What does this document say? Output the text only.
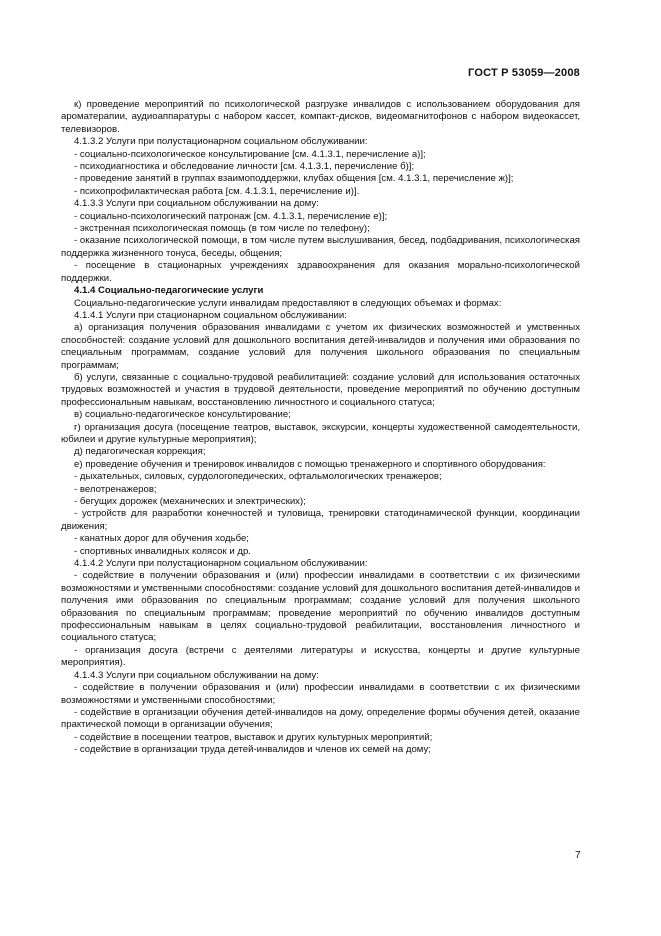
ГОСТ Р 53059—2008

к) проведение мероприятий по психологической разгрузке инвалидов с использованием оборудования для ароматерапии, аудиоаппаратуры с набором кассет, компакт-дисков, видеомагнитофонов с набором видеокассет, телевизоров.

4.1.3.2 Услуги при полустационарном социальном обслуживании:

- социально-психологическое консультирование [см. 4.1.3.1, перечисление а)];

- психодиагностика и обследование личности [см. 4.1.3.1, перечисление б)];

- проведение занятий в группах взаимоподдержки, клубах общения [см. 4.1.3.1, перечисление ж)];

- психопрофилактическая работа [см. 4.1.3.1, перечисление и)].

4.1.3.3 Услуги при социальном обслуживании на дому:

- социально-психологический патронаж [см. 4.1.3.1, перечисление е)];

- экстренная психологическая помощь (в том числе по телефону);

- оказание психологической помощи, в том числе путем выслушивания, бесед, подбадривания, психологическая поддержка жизненного тонуса, беседы, общения;

- посещение в стационарных учреждениях здравоохранения для оказания морально-психологической поддержки.

4.1.4 Социально-педагогические услуги

Социально-педагогические услуги инвалидам предоставляют в следующих объемах и формах:

4.1.4.1 Услуги при стационарном социальном обслуживании:

а) организация получения образования инвалидами с учетом их физических возможностей и умственных способностей: создание условий для дошкольного воспитания детей-инвалидов и получения ими образования по специальным программам, создание условий для получения школьного образования по специальным программам;

б) услуги, связанные с социально-трудовой реабилитацией: создание условий для использования остаточных трудовых возможностей и участия в трудовой деятельности, проведение мероприятий по обучению доступным профессиональным навыкам, восстановлению личностного и социального статуса;

в) социально-педагогическое консультирование;

г) организация досуга (посещение театров, выставок, экскурсии, концерты художественной самодеятельности, юбилеи и другие культурные мероприятия);

д) педагогическая коррекция;

е) проведение обучения и тренировок инвалидов с помощью тренажерного и спортивного оборудования:

- дыхательных, силовых, сурдологопедических, офтальмологических тренажеров;

- велотренажеров;

- бегущих дорожек (механических и электрических);

- устройств для разработки конечностей и туловища, тренировки статодинамической функции, координации движения;

- канатных дорог для обучения ходьбе;

- спортивных инвалидных колясок и др.

4.1.4.2 Услуги при полустационарном социальном обслуживании:

- содействие в получении образования и (или) профессии инвалидами в соответствии с их физическими возможностями и умственными способностями: создание условий для дошкольного воспитания детей-инвалидов и получения ими образования по специальным программам; создание условий для получения школьного образования по специальным программам; проведение мероприятий по обучению инвалидов доступным профессиональным навыкам в целях социально-трудовой реабилитации, восстановления личностного и социального статуса;

- организация досуга (встречи с деятелями литературы и искусства, концерты и другие культурные мероприятия).

4.1.4.3 Услуги при социальном обслуживании на дому:

- содействие в получении образования и (или) профессии инвалидами в соответствии с их физическими возможностями и умственными способностями;

- содействие в организации обучения детей-инвалидов на дому, определение формы обучения детей, оказание практической помощи в организации обучения;

- содействие в посещении театров, выставок и других культурных мероприятий;

- содействие в организации труда детей-инвалидов и членов их семей на дому;

7
